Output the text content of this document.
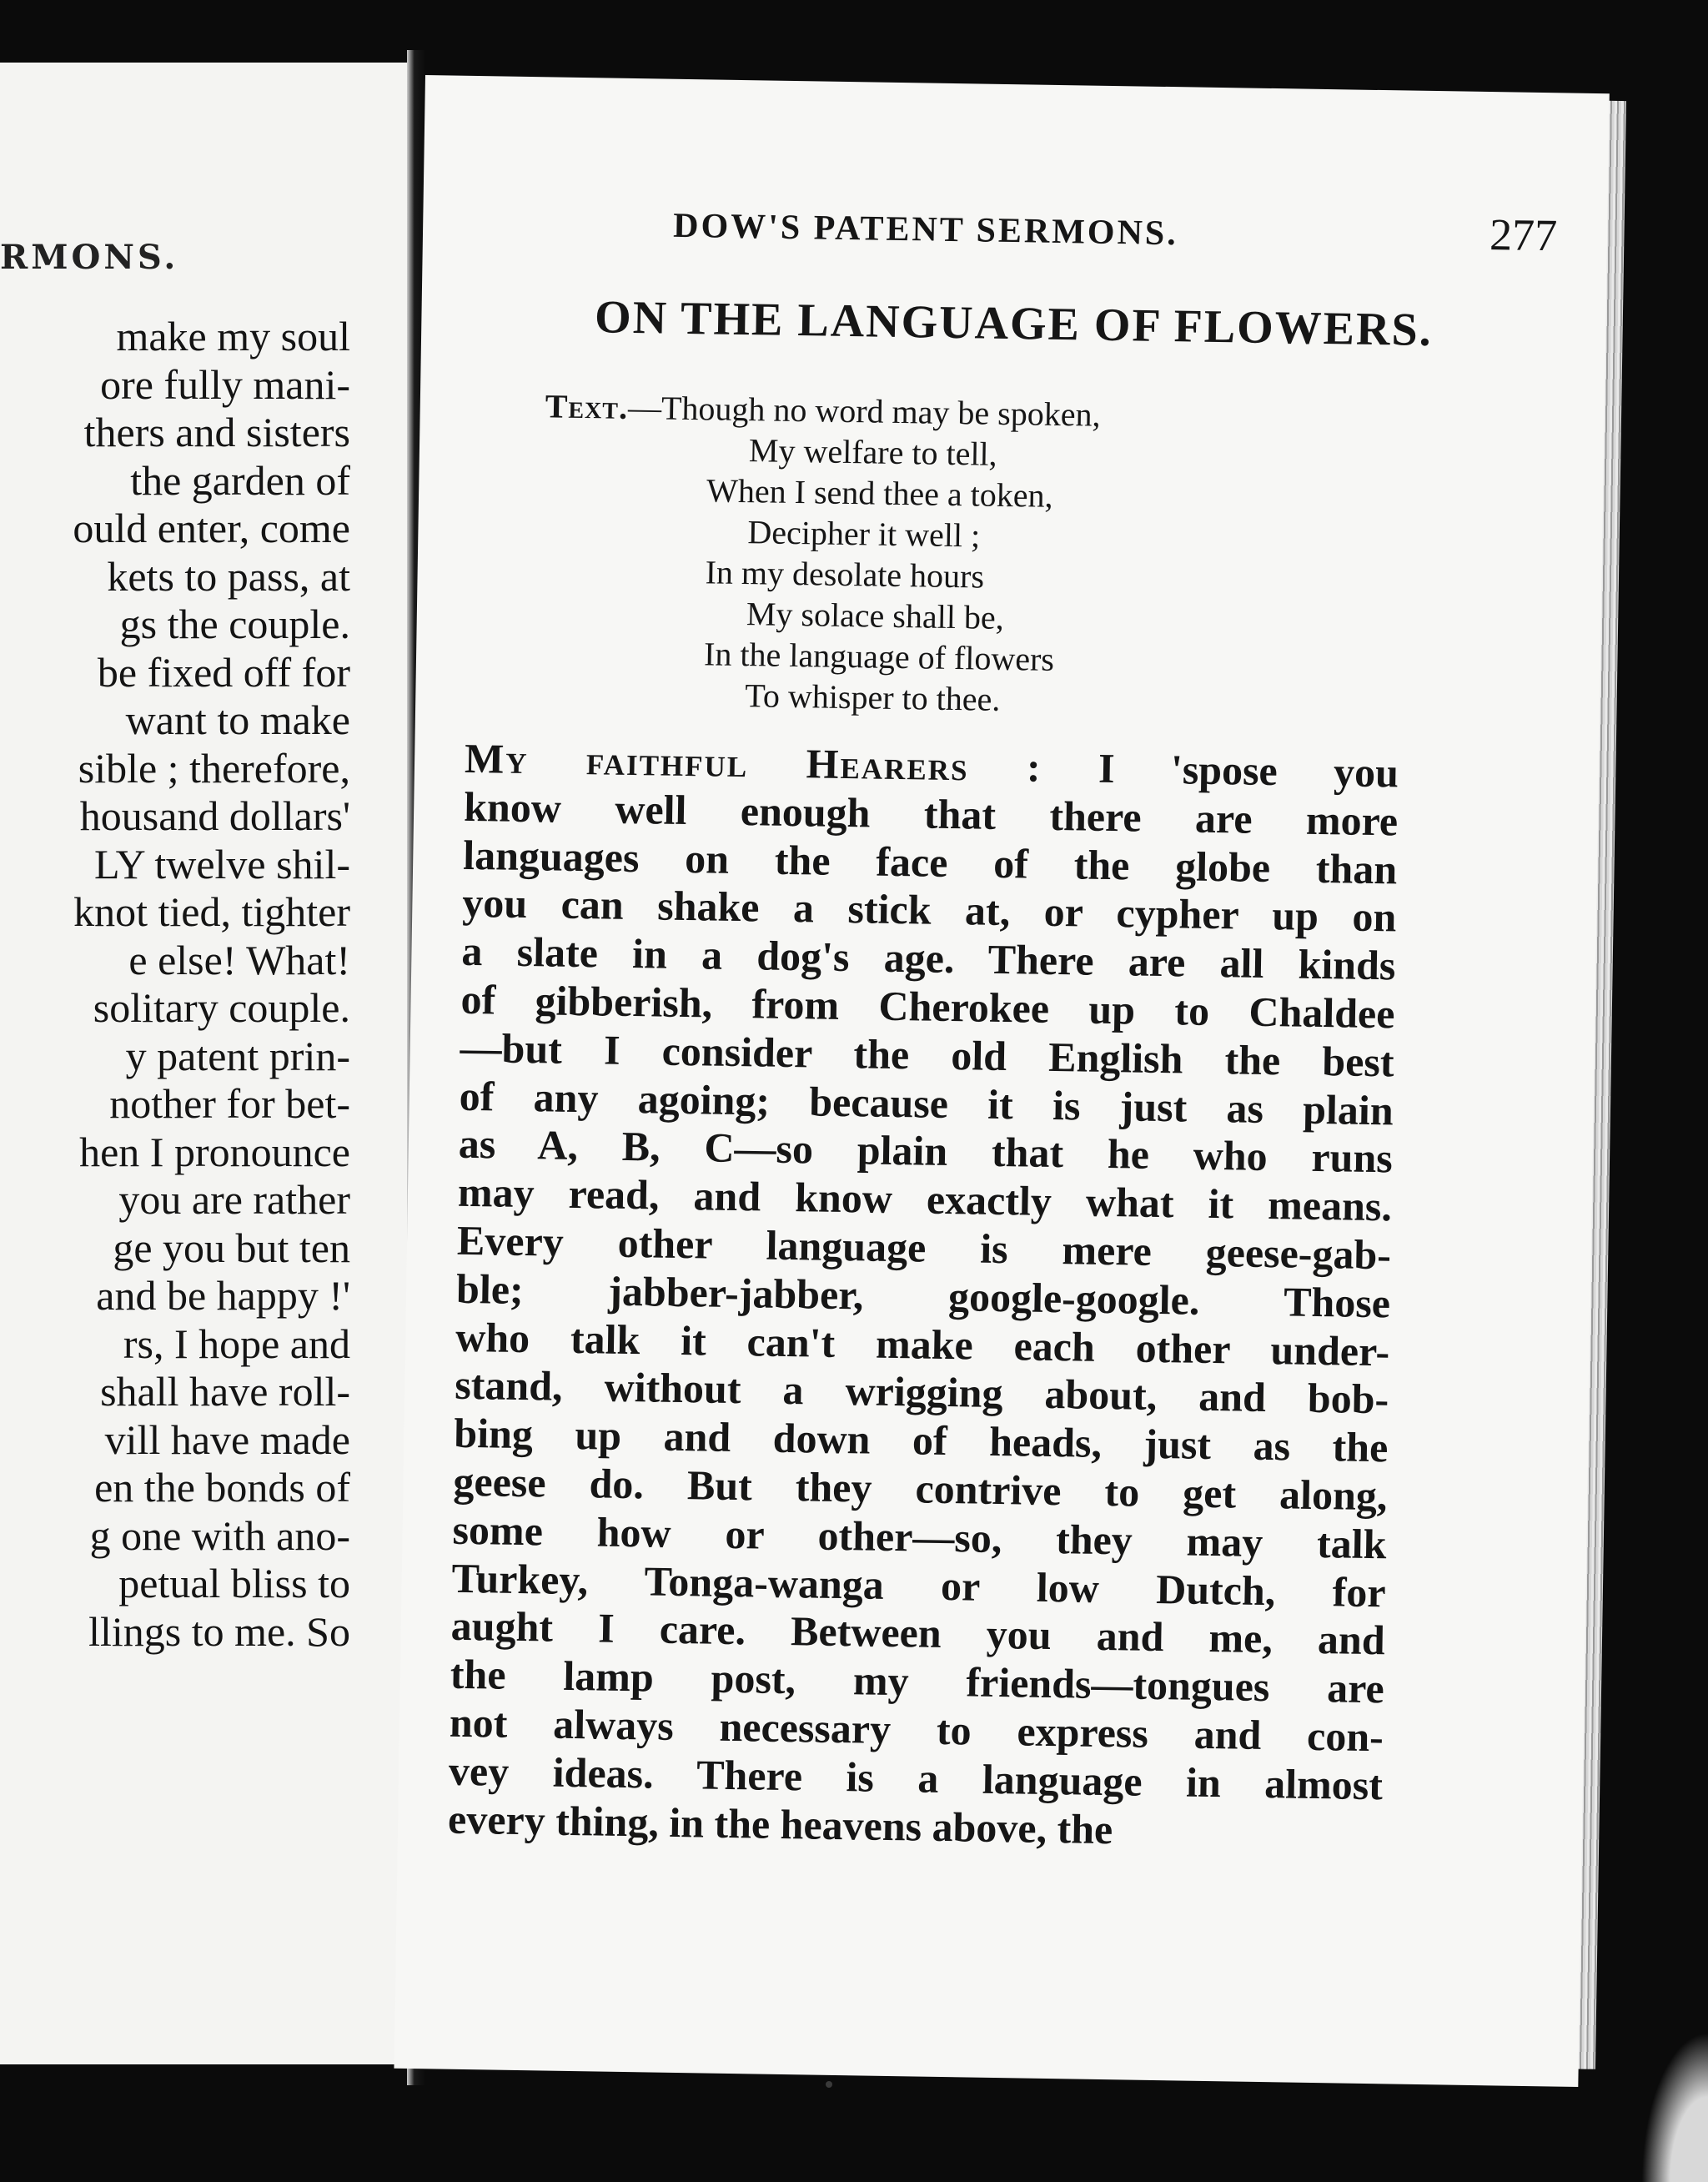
RMONS.
make my soul
ore fully mani-
thers and sisters
the garden of
ould enter, come
kets to pass, at
gs the couple.
be fixed off for
want to make
sible ; therefore,
housand dollars'
LY twelve shil-
knot tied, tighter
e else! What!
solitary couple.
y patent prin-
nother for bet-
hen I pronounce
you are rather
ge you but ten
and be happy !'
rs, I hope and
shall have roll-
vill have made
en the bonds of
g one with ano-
petual bliss to
llings to me. So
DOW'S PATENT SERMONS.	277
ON THE LANGUAGE OF FLOWERS.
Text.—Though no word may be spoken,
My welfare to tell,
When I send thee a token,
Decipher it well ;
In my desolate hours
My solace shall be,
In the language of flowers
To whisper to thee.
My faithful Hearers : I 'spose you
know well enough that there are more
languages on the face of the globe than
you can shake a stick at, or cypher up on
a slate in a dog's age. There are all kinds
of gibberish, from Cherokee up to Chaldee
—but I consider the old English the best
of any agoing; because it is just as plain
as A, B, C—so plain that he who runs
may read, and know exactly what it means.
Every other language is mere geese-gab-
ble; jabber-jabber, google-google. Those
who talk it can't make each other under-
stand, without a wrigging about, and bob-
bing up and down of heads, just as the
geese do. But they contrive to get along,
some how or other—so, they may talk
Turkey, Tonga-wanga or low Dutch, for
aught I care. Between you and me, and
the lamp post, my friends—tongues are
not always necessary to express and con-
vey ideas. There is a language in almost
every thing, in the heavens above, the
